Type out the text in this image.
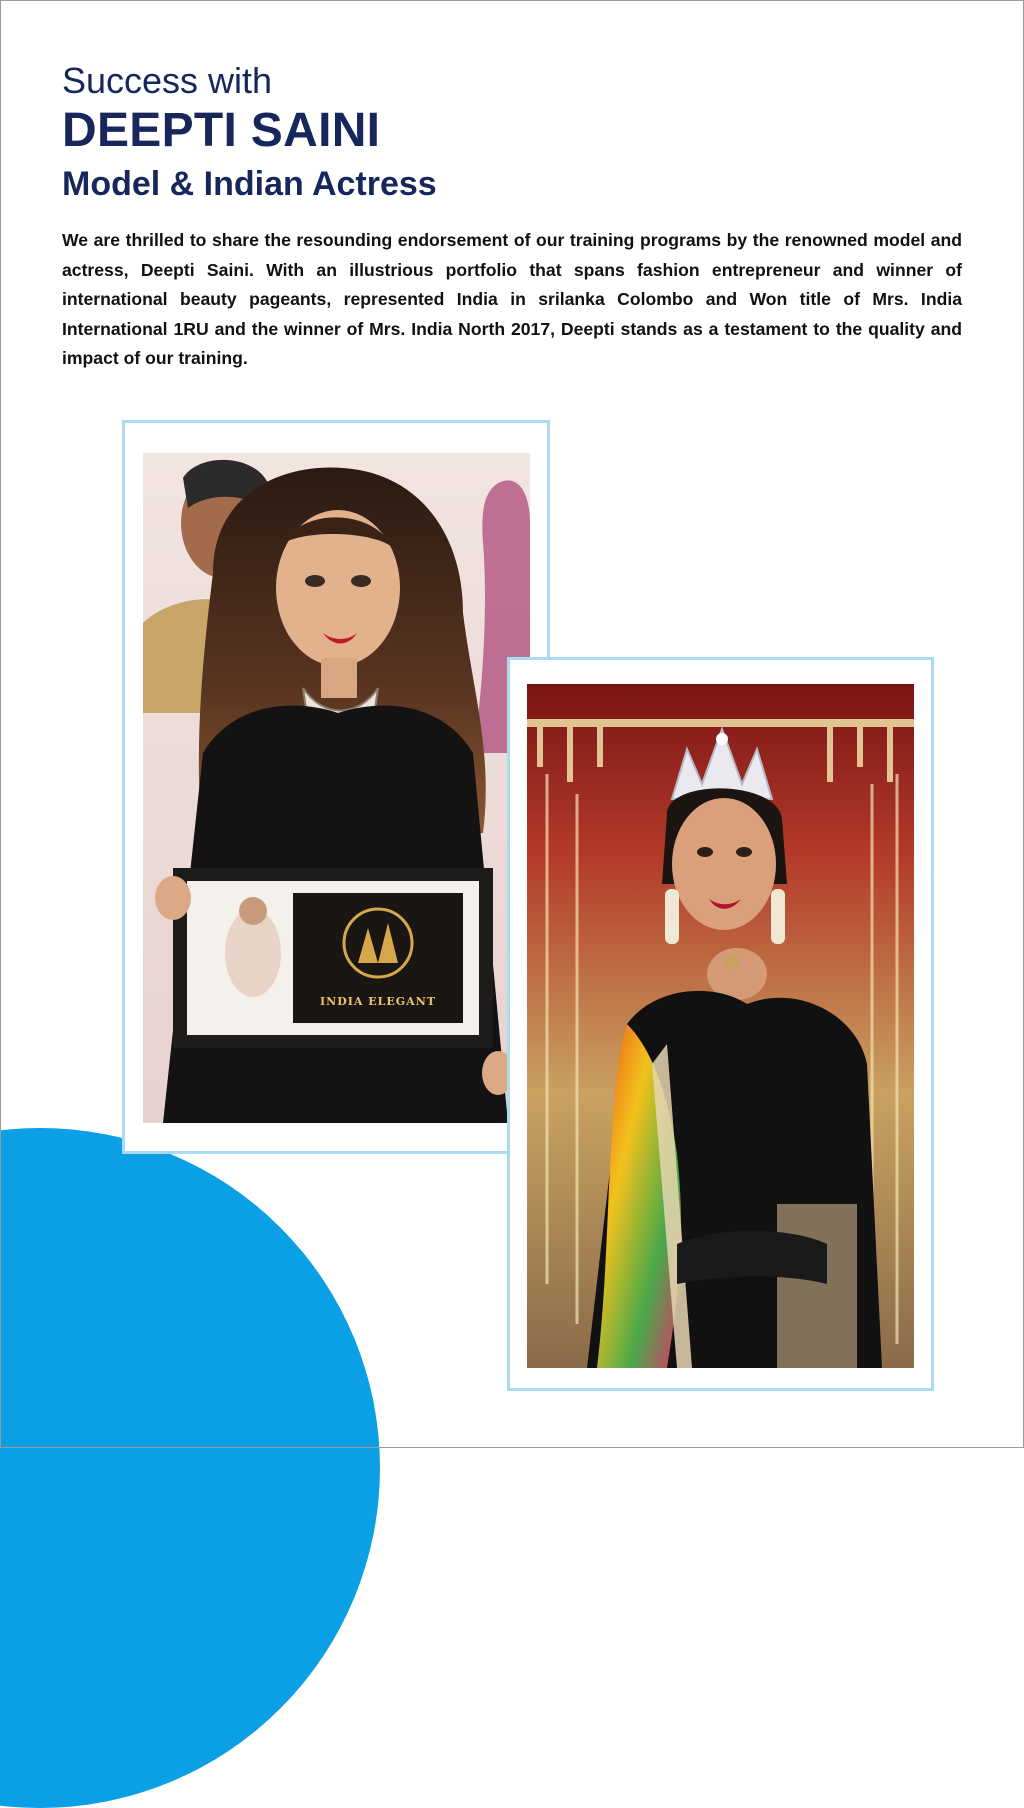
Success with
DEEPTI SAINI
Model & Indian Actress

We are thrilled to share the resounding endorsement of our training programs by the renowned model and actress, Deepti Saini. With an illustrious portfolio that spans fashion entrepreneur and winner of international beauty pageants, represented India in srilanka Colombo and Won title of Mrs. India International 1RU and the winner of Mrs. India North 2017, Deepti stands as a testament to the quality and impact of our training.

INDIA ELEGANT
